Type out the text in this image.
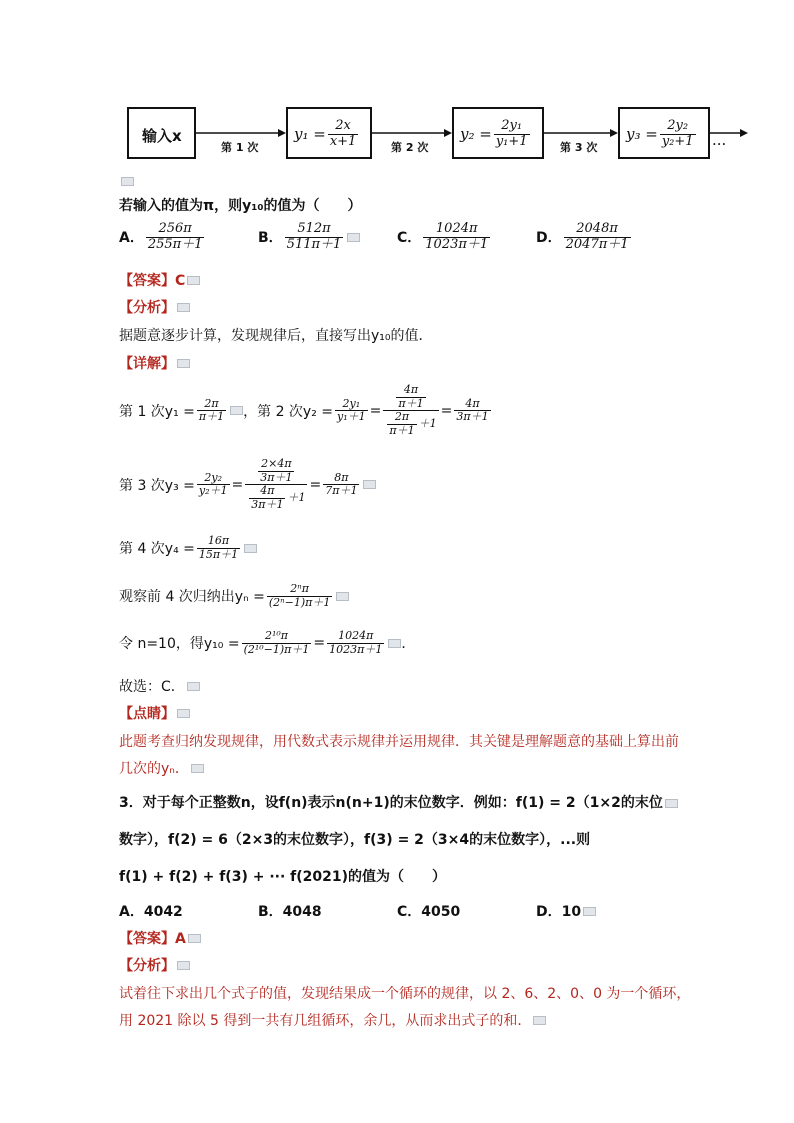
输入x	$y_1 = \frac{2x}{x+1}$	$y_2 = \frac{\text{2y₁}}{\text{y₁+1}}$	$y_3 = \frac{\text{2y₂}}{\text{y₂+1}}$
第 1 次	第 2 次	第 3 次	···
若输入的值为π，则y₁₀的值为（　　）
A． $\frac{256\pi}{255\pi+1}$	B． $\frac{512\pi}{511\pi+1}$	C． $\frac{1024\pi}{1023\pi+1}$	D． $\frac{2048\pi}{2047\pi+1}$
【答案】C
【分析】
据题意逐步计算，发现规律后，直接写出y₁₀的值．
【详解】
第 1 次$y_1 = \frac{2\pi}{\pi+1}$ ，第 2 次$y_2 = \frac{\text{2y₁}}{\text{y₁＋1}} = \frac{\frac{4\pi}{\pi+1}}{\frac{2\pi}{\pi+1} +1} = \frac{4\pi}{3\pi+1}$
第 3 次$y_3 = \frac{\text{2y₂}}{\text{y₂＋1}} = \frac{\frac{2\times 4\pi}{3\pi+1}}{\frac{4\pi}{3\pi+1} +1} = \frac{8\pi}{7\pi+1}$
第 4 次$y_4 = \frac{16\pi}{15\pi+1}$
观察前 4 次归纳出$y_n = \frac{\text{2ⁿπ}}{\text{(2ⁿ−1)π＋1}}$
令 n=10，得$y_{10} = \frac{\text{2¹⁰π}}{\text{(2¹⁰−1)π＋1}} = \frac{1024\pi}{1023\pi+1}$ ．
故选：C．
【点睛】
此题考查归纳发现规律，用代数式表示规律并运用规律．其关键是理解题意的基础上算出前
几次的yₙ．
3．对于每个正整数n，设f(n)表示n(n+1)的末位数字．例如：f(1) = 2（1×2的末位
数字），f(2) = 6（2×3的末位数字），f(3) = 2（3×4的末位数字），...则
f(1) + f(2) + f(3) + ··· f(2021)的值为（　　）
A．4042	B．4048	C．4050	D．10
【答案】A
【分析】
试着往下求出几个式子的值，发现结果成一个循环的规律，以 2、6、2、0、0 为一个循环，
用 2021 除以 5 得到一共有几组循环，余几，从而求出式子的和．
